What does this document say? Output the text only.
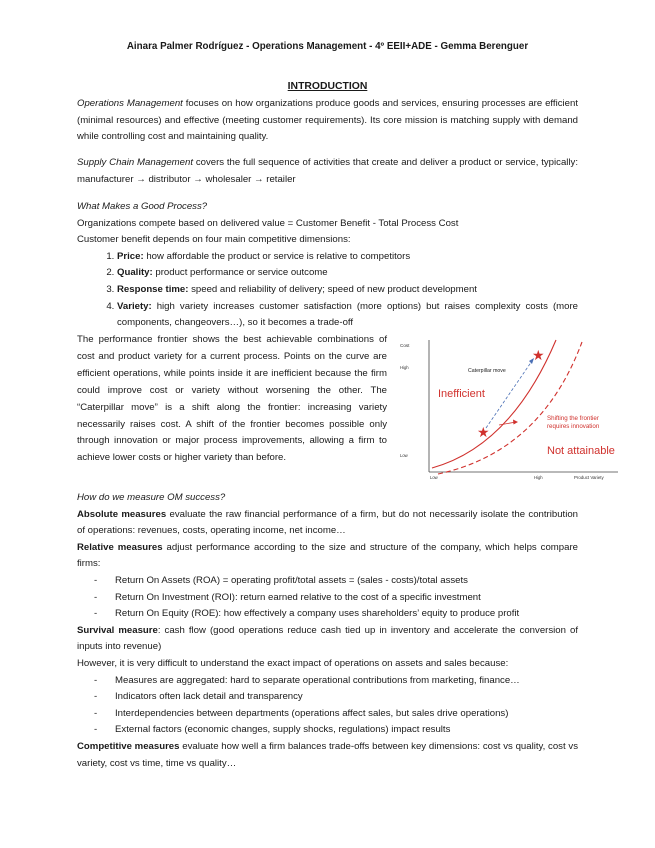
Ainara Palmer Rodríguez - Operations Management - 4º EEII+ADE - Gemma Berenguer
INTRODUCTION
Operations Management focuses on how organizations produce goods and services, ensuring processes are efficient (minimal resources) and effective (meeting customer requirements). Its core mission is matching supply with demand while controlling cost and maintaining quality.
Supply Chain Management covers the full sequence of activities that create and deliver a product or service, typically: manufacturer → distributor → wholesaler → retailer
What Makes a Good Process?
Organizations compete based on delivered value = Customer Benefit - Total Process Cost
Customer benefit depends on four main competitive dimensions:
1. Price: how affordable the product or service is relative to competitors
2. Quality: product performance or service outcome
3. Response time: speed and reliability of delivery; speed of new product development
4. Variety: high variety increases customer satisfaction (more options) but raises complexity costs (more components, changeovers…), so it becomes a trade-off
The performance frontier shows the best achievable combinations of cost and product variety for a current process. Points on the curve are efficient operations, while points inside it are inefficient because the firm could improve cost or variety without worsening the other. The “Caterpillar move” is a shift along the frontier: increasing variety necessarily raises cost. A shift of the frontier becomes possible only through innovation or major process improvements, allowing a firm to achieve lower costs or higher variety than before.
Cost
High
Low
Low	High	Product Variety
Caterpillar move
★
★
Inefficient
Shifting the frontier
requires innovation
Not attainable
How do we measure OM success?
Absolute measures evaluate the raw financial performance of a firm, but do not necessarily isolate the contribution of operations: revenues, costs, operating income, net income…
Relative measures adjust performance according to the size and structure of the company, which helps compare firms:
- Return On Assets (ROA) = operating profit/total assets = (sales - costs)/total assets
- Return On Investment (ROI): return earned relative to the cost of a specific investment
- Return On Equity (ROE): how effectively a company uses shareholders’ equity to produce profit
Survival measure: cash flow (good operations reduce cash tied up in inventory and accelerate the conversion of inputs into revenue)
However, it is very difficult to understand the exact impact of operations on assets and sales because:
- Measures are aggregated: hard to separate operational contributions from marketing, finance…
- Indicators often lack detail and transparency
- Interdependencies between departments (operations affect sales, but sales drive operations)
- External factors (economic changes, supply shocks, regulations) impact results
Competitive measures evaluate how well a firm balances trade-offs between key dimensions: cost vs quality, cost vs variety, cost vs time, time vs quality…
